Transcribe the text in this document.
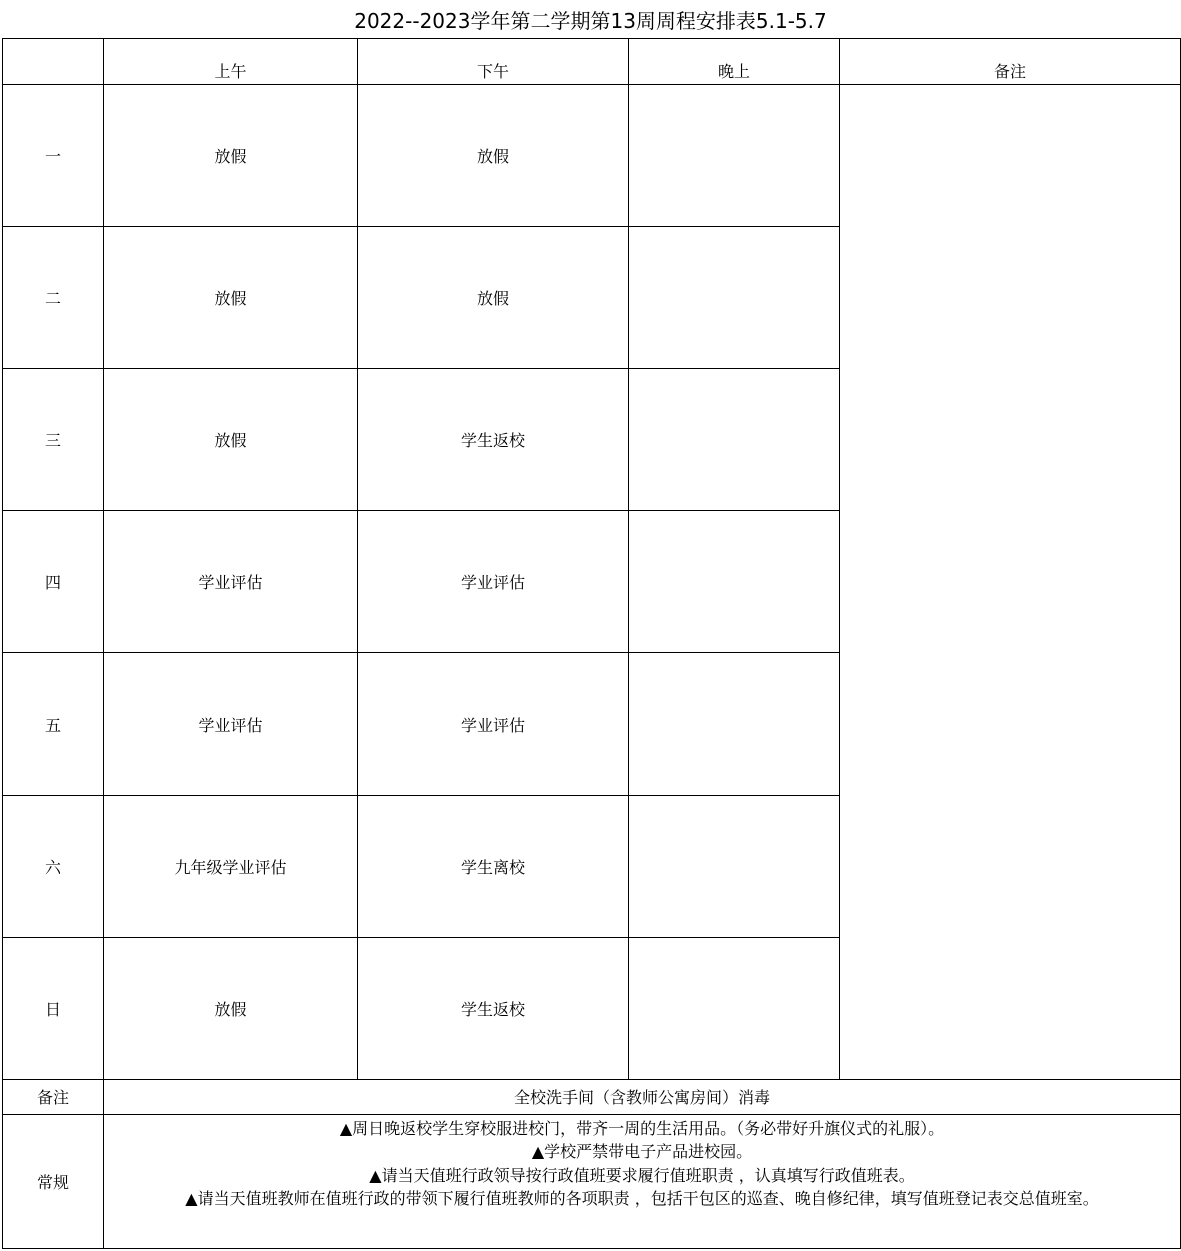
2022--2023学年第二学期第13周周程安排表5.1-5.7
	上午	下午	晚上	备注
一	放假	放假		
二	放假	放假		
三	放假	学生返校		
四	学业评估	学业评估		
五	学业评估	学业评估		
六	九年级学业评估	学生离校		
日	放假	学生返校		
备注	全校洗手间（含教师公寓房间）消毒			
常规	▲周日晚返校学生穿校服进校门，带齐一周的生活用品。（务必带好升旗仪式的礼服）。
▲学校严禁带电子产品进校园。
▲请当天值班行政领导按行政值班要求履行值班职责 ，认真填写行政值班表。
▲请当天值班教师在值班行政的带领下履行值班教师的各项职责 ，包括干包区的巡查、晚自修纪律，填写值班登记表交总值班室。			
